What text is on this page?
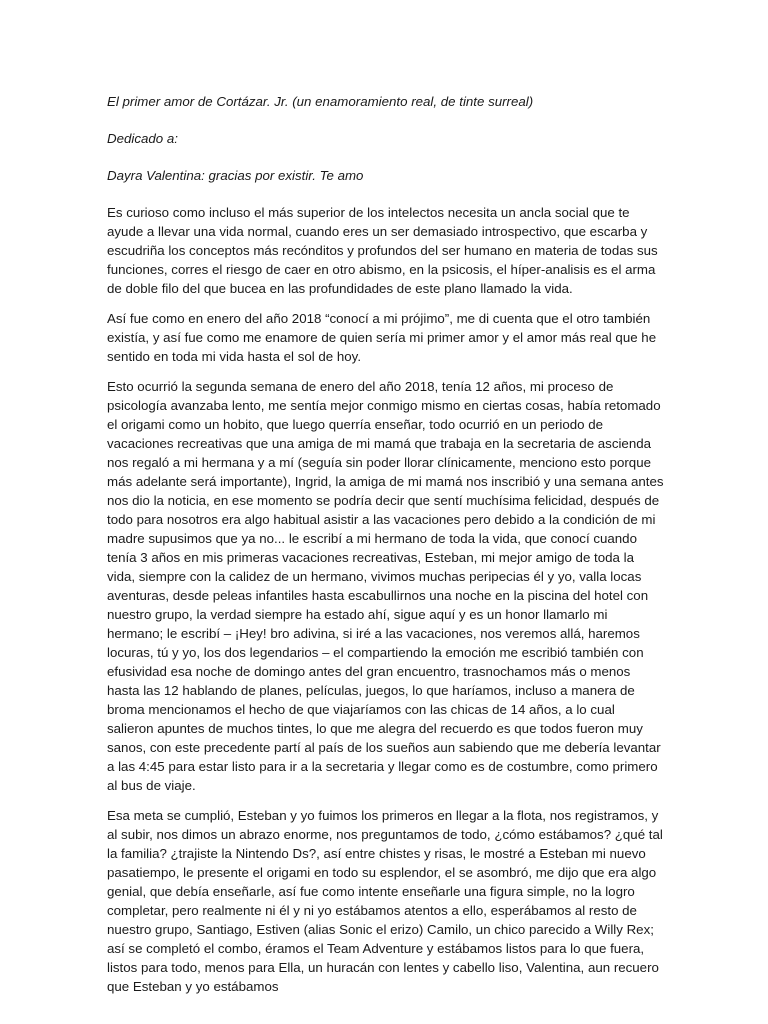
El primer amor de Cortázar. Jr. (un enamoramiento real, de tinte surreal)

Dedicado a:

Dayra Valentina: gracias por existir. Te amo

Es curioso como incluso el más superior de los intelectos necesita un ancla social que te ayude a llevar una vida normal, cuando eres un ser demasiado introspectivo, que escarba y escudriña los conceptos más recónditos y profundos del ser humano en materia de todas sus funciones, corres el riesgo de caer en otro abismo, en la psicosis, el híper-analisis es el arma de doble filo del que bucea en las profundidades de este plano llamado la vida.

Así fue como en enero del año 2018 “conocí a mi prójimo”, me di cuenta que el otro también existía, y así fue como me enamore de quien sería mi primer amor y el amor más real que he sentido en toda mi vida hasta el sol de hoy.

Esto ocurrió la segunda semana de enero del año 2018, tenía 12 años, mi proceso de psicología avanzaba lento, me sentía mejor conmigo mismo en ciertas cosas, había retomado el origami como un hobito, que luego querría enseñar, todo ocurrió en un periodo de vacaciones recreativas que una amiga de mi mamá que trabaja en la secretaria de ascienda nos regaló a mi hermana y a mí (seguía sin poder llorar clínicamente, menciono esto porque más adelante será importante), Ingrid, la amiga de mi mamá nos inscribió y una semana antes nos dio la noticia, en ese momento se podría decir que sentí muchísima felicidad, después de todo para nosotros era algo habitual asistir a las vacaciones pero debido a la condición de mi madre supusimos que ya no... le escribí a mi hermano de toda la vida, que conocí cuando tenía 3 años en mis primeras vacaciones recreativas, Esteban, mi mejor amigo de toda la vida, siempre con la calidez de un hermano, vivimos muchas peripecias él y yo, valla locas aventuras, desde peleas infantiles hasta escabullirnos una noche en la piscina del hotel con nuestro grupo, la verdad siempre ha estado ahí, sigue aquí y es un honor llamarlo mi hermano; le escribí – ¡Hey! bro adivina, si iré a las vacaciones, nos veremos allá, haremos locuras, tú y yo, los dos legendarios – el compartiendo la emoción me escribió también con efusividad esa noche de domingo antes del gran encuentro, trasnochamos más o menos hasta las 12 hablando de planes, películas, juegos, lo que haríamos, incluso a manera de broma mencionamos el hecho de que viajaríamos con las chicas de 14 años, a lo cual salieron apuntes de muchos tintes, lo que me alegra del recuerdo es que todos fueron muy sanos, con este precedente partí al país de los sueños aun sabiendo que me debería levantar a las 4:45 para estar listo para ir a la secretaria y llegar como es de costumbre, como primero al bus de viaje.

Esa meta se cumplió, Esteban y yo fuimos los primeros en llegar a la flota, nos registramos, y al subir, nos dimos un abrazo enorme, nos preguntamos de todo, ¿cómo estábamos? ¿qué tal la familia? ¿trajiste la Nintendo Ds?, así entre chistes y risas, le mostré a Esteban mi nuevo pasatiempo, le presente el origami en todo su esplendor, el se asombró, me dijo que era algo genial, que debía enseñarle, así fue como intente enseñarle una figura simple, no la logro completar, pero realmente ni él y ni yo estábamos atentos a ello, esperábamos al resto de nuestro grupo, Santiago, Estiven (alias Sonic el erizo) Camilo, un chico parecido a Willy Rex; así se completó el combo, éramos el Team Adventure y estábamos listos para lo que fuera, listos para todo, menos para Ella, un huracán con lentes y cabello liso, Valentina, aun recuero que Esteban y yo estábamos
